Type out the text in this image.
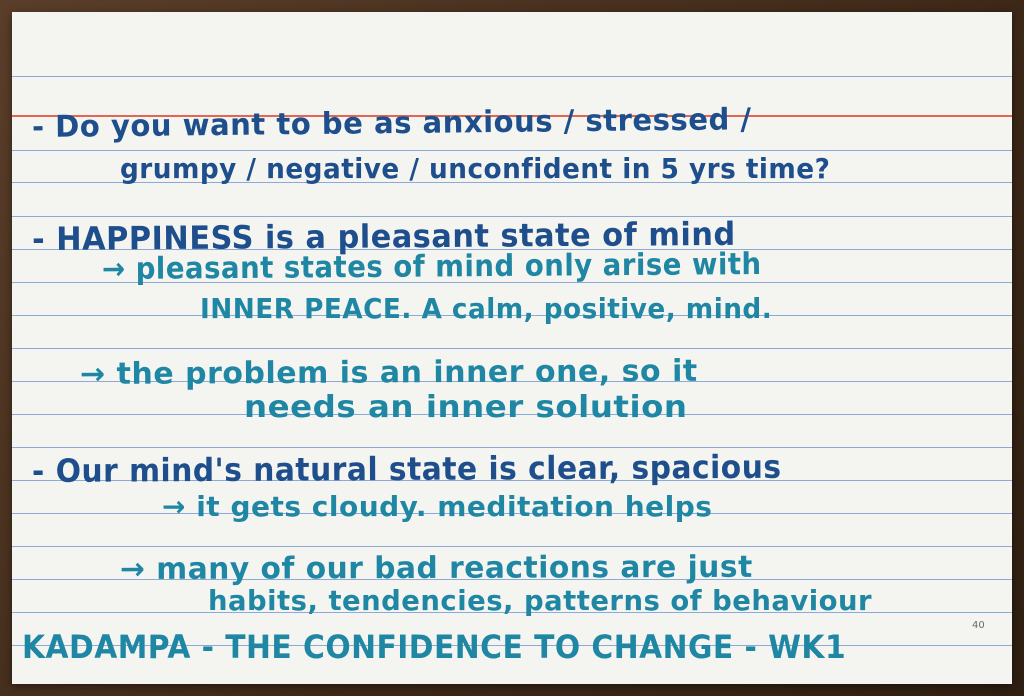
- Do you want to be as anxious / stressed /
grumpy / negative / unconfident in 5 yrs time?
- HAPPINESS is a pleasant state of mind
→ pleasant states of mind only arise with
INNER PEACE. A calm, positive, mind.
→ the problem is an inner one, so it
needs an inner solution
- Our mind's natural state is clear, spacious
→ it gets cloudy. meditation helps
→ many of our bad reactions are just
habits, tendencies, patterns of behaviour
KADAMPA - THE CONFIDENCE TO CHANGE - WK1
40
